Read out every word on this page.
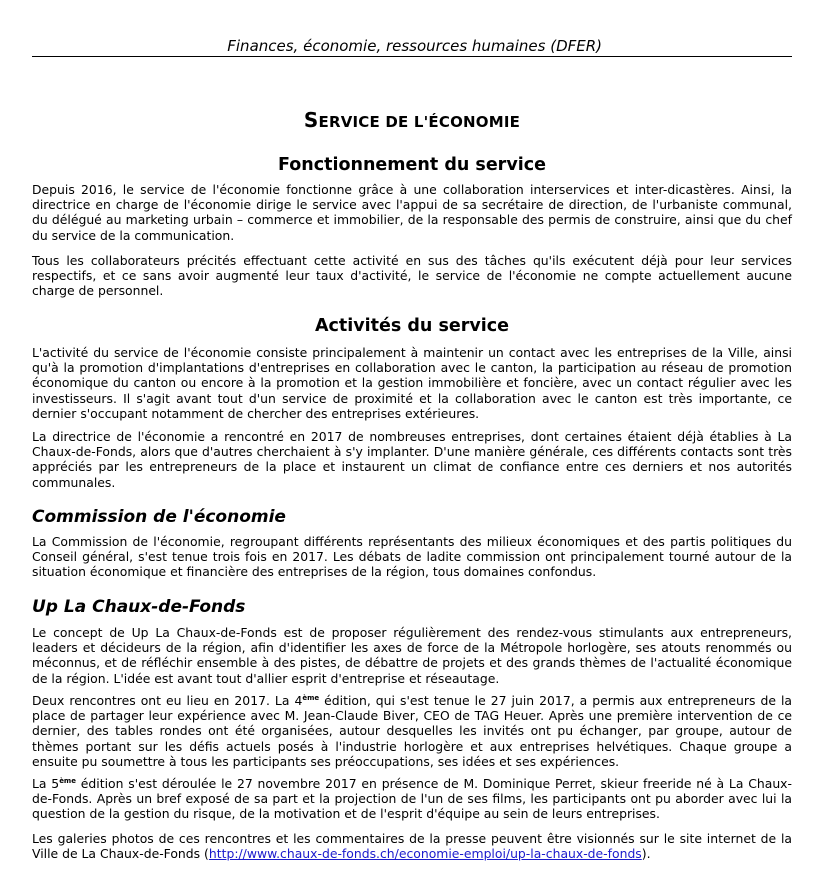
Finances, économie, ressources humaines (DFER)
SERVICE DE L'ÉCONOMIE
Fonctionnement du service

Depuis 2016, le service de l'économie fonctionne grâce à une collaboration interservices et inter-dicastères. Ainsi, la directrice en charge de l'économie dirige le service avec l'appui de sa secrétaire de direction, de l'urbaniste communal, du délégué au marketing urbain – commerce et immobilier, de la responsable des permis de construire, ainsi que du chef du service de la communication.

Tous les collaborateurs précités effectuant cette activité en sus des tâches qu'ils exécutent déjà pour leur services respectifs, et ce sans avoir augmenté leur taux d'activité, le service de l'économie ne compte actuellement aucune charge de personnel.

Activités du service

L'activité du service de l'économie consiste principalement à maintenir un contact avec les entreprises de la Ville, ainsi qu'à la promotion d'implantations d'entreprises en collaboration avec le canton, la participation au réseau de promotion économique du canton ou encore à la promotion et la gestion immobilière et foncière, avec un contact régulier avec les investisseurs. Il s'agit avant tout d'un service de proximité et la collaboration avec le canton est très importante, ce dernier s'occupant notamment de chercher des entreprises extérieures.

La directrice de l'économie a rencontré en 2017 de nombreuses entreprises, dont certaines étaient déjà établies à La Chaux-de-Fonds, alors que d'autres cherchaient à s'y implanter. D'une manière générale, ces différents contacts sont très appréciés par les entrepreneurs de la place et instaurent un climat de confiance entre ces derniers et nos autorités communales.

Commission de l'économie

La Commission de l'économie, regroupant différents représentants des milieux économiques et des partis politiques du Conseil général, s'est tenue trois fois en 2017. Les débats de ladite commission ont principalement tourné autour de la situation économique et financière des entreprises de la région, tous domaines confondus.

Up La Chaux-de-Fonds

Le concept de Up La Chaux-de-Fonds est de proposer régulièrement des rendez-vous stimulants aux entrepreneurs, leaders et décideurs de la région, afin d'identifier les axes de force de la Métropole horlogère, ses atouts renommés ou méconnus, et de réfléchir ensemble à des pistes, de débattre de projets et des grands thèmes de l'actualité économique de la région. L'idée est avant tout d'allier esprit d'entreprise et réseautage.

Deux rencontres ont eu lieu en 2017. La 4ème édition, qui s'est tenue le 27 juin 2017, a permis aux entrepreneurs de la place de partager leur expérience avec M. Jean-Claude Biver, CEO de TAG Heuer. Après une première intervention de ce dernier, des tables rondes ont été organisées, autour desquelles les invités ont pu échanger, par groupe, autour de thèmes portant sur les défis actuels posés à l'industrie horlogère et aux entreprises helvétiques. Chaque groupe a ensuite pu soumettre à tous les participants ses préoccupations, ses idées et ses expériences.

La 5ème édition s'est déroulée le 27 novembre 2017 en présence de M. Dominique Perret, skieur freeride né à La Chaux-de-Fonds. Après un bref exposé de sa part et la projection de l'un de ses films, les participants ont pu aborder avec lui la question de la gestion du risque, de la motivation et de l'esprit d'équipe au sein de leurs entreprises.

Les galeries photos de ces rencontres et les commentaires de la presse peuvent être visionnés sur le site internet de la Ville de La Chaux-de-Fonds (http://www.chaux-de-fonds.ch/economie-emploi/up-la-chaux-de-fonds).
